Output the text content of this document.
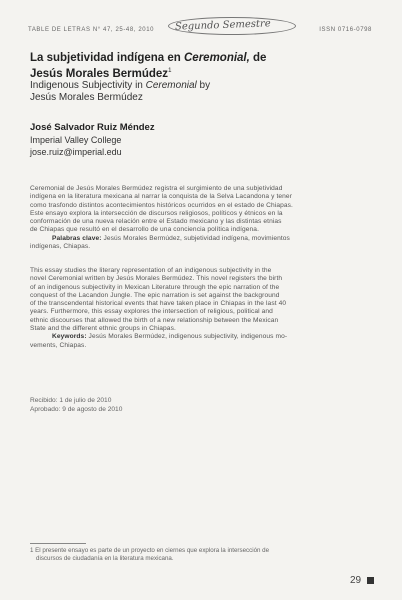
TABLE DE LETRAS N° 47, 25-48, 2010	ISSN 0716-0798
Segundo Semestre
La subjetividad indígena en Ceremonial, de
Jesús Morales Bermúdez$^1$
Indigenous Subjectivity in Ceremonial by
Jesús Morales Bermúdez
José Salvador Ruiz Méndez
Imperial Valley College
jose.ruiz@imperial.edu
Ceremonial de Jesús Morales Bermúdez registra el surgimiento de una subjetividad
indígena en la literatura mexicana al narrar la conquista de la Selva Lacandona y tener
como trasfondo distintos acontecimientos históricos ocurridos en el estado de Chiapas.
Este ensayo explora la intersección de discursos religiosos, políticos y étnicos en la
conformación de una nueva relación entre el Estado mexicano y las distintas etnias
de Chiapas que resultó en el desarrollo de una conciencia política indígena.
Palabras clave: Jesús Morales Bermúdez, subjetividad indígena, movimientos
indígenas, Chiapas.
This essay studies the literary representation of an indigenous subjectivity in the
novel Ceremonial written by Jesús Morales Bermúdez. This novel registers the birth
of an indigenous subjectivity in Mexican Literature through the epic narration of the
conquest of the Lacandon Jungle. The epic narration is set against the background
of the transcendental historical events that have taken place in Chiapas in the last 40
years. Furthermore, this essay explores the intersection of religious, political and
ethnic discourses that allowed the birth of a new relationship between the Mexican
State and the different ethnic groups in Chiapas.
Keywords: Jesús Morales Bermúdez, indigenous subjectivity, indigenous mo-
vements, Chiapas.
Recibido: 1 de julio de 2010
Aprobado: 9 de agosto de 2010
1 El presente ensayo es parte de un proyecto en ciernes que explora la intersección de
discursos de ciudadanía en la literatura mexicana.
29
